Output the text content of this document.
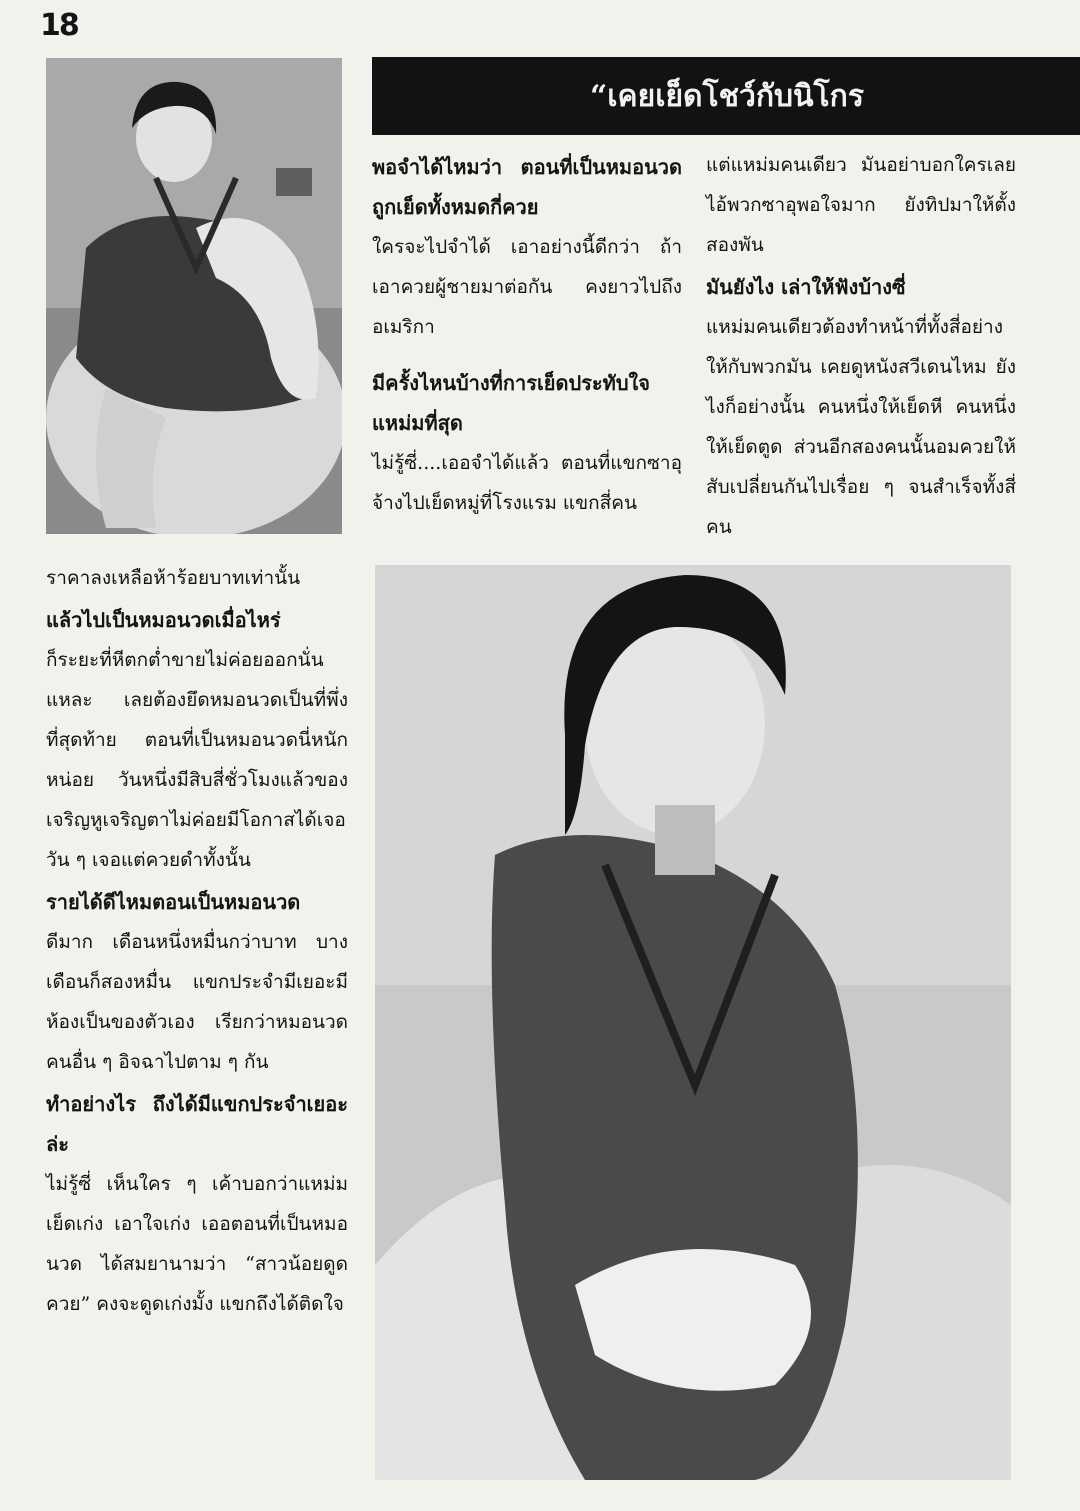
18
“เคยเย็ดโชว์กับนิโกร

พอจำได้ไหมว่า ตอนที่เป็นหมอนวดถูกเย็ดทั้งหมดกี่ควย

ใครจะไปจำได้ เอาอย่างนี้ดีกว่า ถ้าเอาควยผู้ชายมาต่อกัน คงยาวไปถึงอเมริกา

มีครั้งไหนบ้างที่การเย็ดประทับใจแหม่มที่สุด

ไม่รู้ซี่....เออจำได้แล้ว ตอนที่แขกซาอุจ้างไปเย็ดหมู่ที่โรงแรม แขกสี่คน

แต่แหม่มคนเดียว มันอย่าบอกใครเลย ไอ้พวกซาอุพอใจมาก ยังทิปมาให้ตั้งสองพัน

มันยังไง เล่าให้ฟังบ้างซี่

แหม่มคนเดียวต้องทำหน้าที่ทั้งสี่อย่างให้กับพวกมัน เคยดูหนังสวีเดนไหม ยังไงก็อย่างนั้น คนหนึ่งให้เย็ดหี คนหนึ่งให้เย็ดตูด ส่วนอีกสองคนนั้นอมควยให้ สับเปลี่ยนกันไปเรื่อย ๆ จนสำเร็จทั้งสี่คน

ราคาลงเหลือห้าร้อยบาทเท่านั้น

แล้วไปเป็นหมอนวดเมื่อไหร่

ก็ระยะที่หีตกต่ำขายไม่ค่อยออกนั่นแหละ เลยต้องยึดหมอนวดเป็นที่พึ่งที่สุดท้าย ตอนที่เป็นหมอนวดนี่หนักหน่อย วันหนึ่งมีสิบสี่ชั่วโมงแล้วของเจริญหูเจริญตาไม่ค่อยมีโอกาสได้เจอ วัน ๆ เจอแต่ควยดำทั้งนั้น

รายได้ดีไหมตอนเป็นหมอนวด

ดีมาก เดือนหนึ่งหมื่นกว่าบาท บางเดือนก็สองหมื่น แขกประจำมีเยอะมีห้องเป็นของตัวเอง เรียกว่าหมอนวดคนอื่น ๆ อิจฉาไปตาม ๆ กัน

ทำอย่างไร ถึงได้มีแขกประจำเยอะล่ะ

ไม่รู้ซี่ เห็นใคร ๆ เค้าบอกว่าแหม่มเย็ดเก่ง เอาใจเก่ง เออตอนที่เป็นหมอนวด ได้สมยานามว่า “สาวน้อยดูดควย” คงจะดูดเก่งมั้ง แขกถึงได้ติดใจ
